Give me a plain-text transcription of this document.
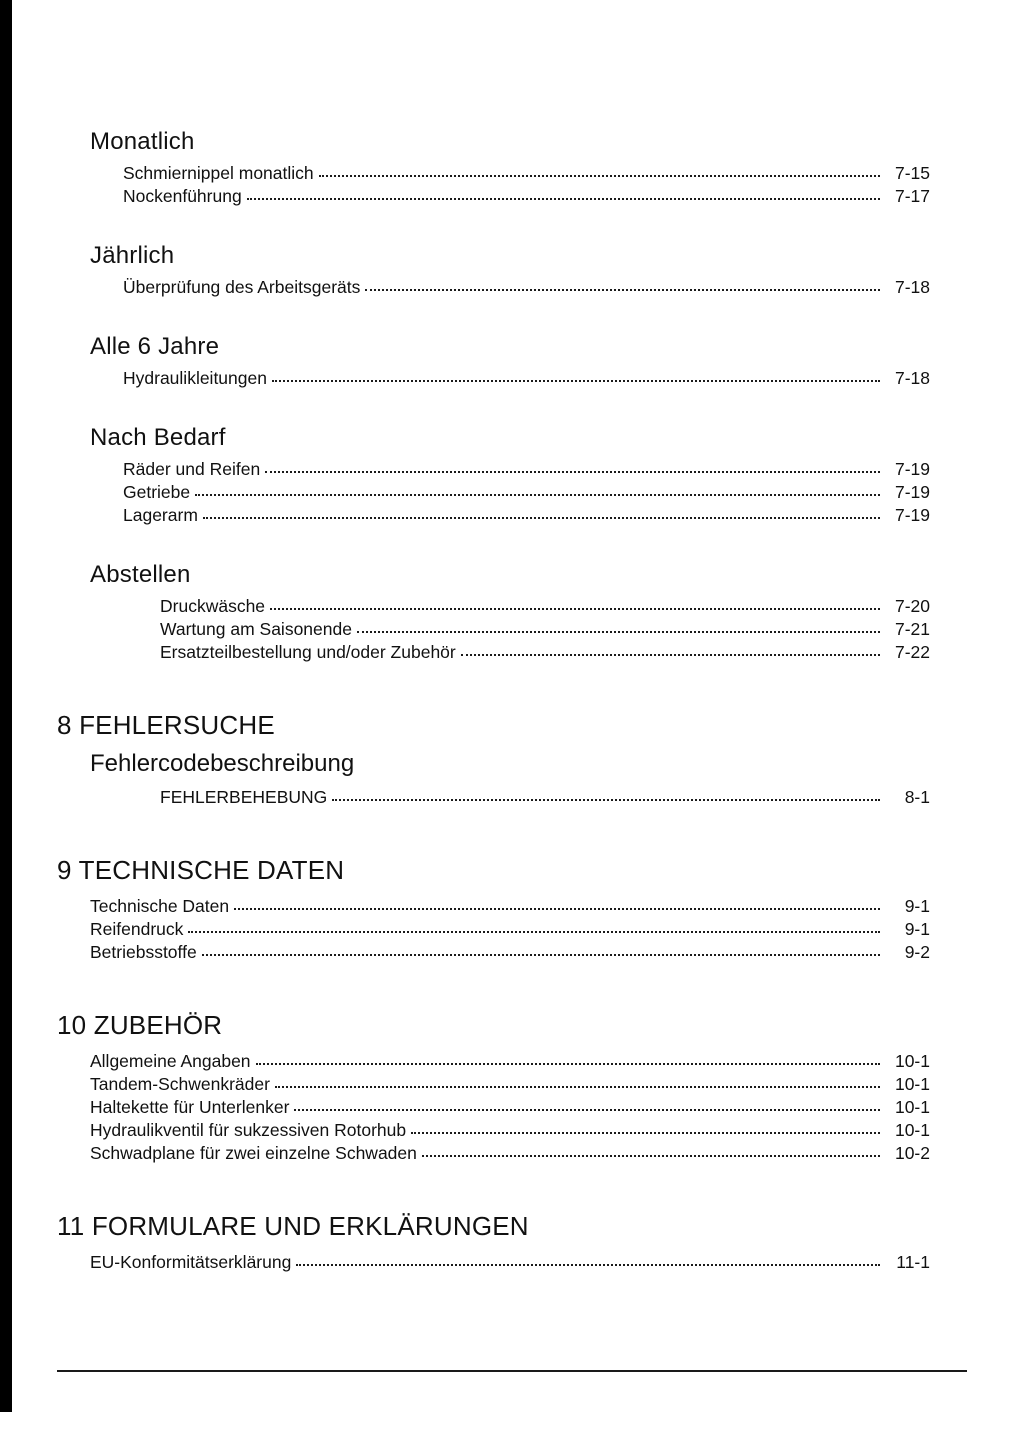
Monatlich
Schmiernippel monatlich	7-15
Nockenführung	7-17
Jährlich
Überprüfung des Arbeitsgeräts	7-18
Alle 6 Jahre
Hydraulikleitungen	7-18
Nach Bedarf
Räder und Reifen	7-19
Getriebe	7-19
Lagerarm	7-19
Abstellen
Druckwäsche	7-20
Wartung am Saisonende	7-21
Ersatzteilbestellung und/oder Zubehör	7-22
8 FEHLERSUCHE
Fehlercodebeschreibung
FEHLERBEHEBUNG	8-1
9 TECHNISCHE DATEN
Technische Daten	9-1
Reifendruck	9-1
Betriebsstoffe	9-2
10 ZUBEHÖR
Allgemeine Angaben	10-1
Tandem-Schwenkräder	10-1
Haltekette für Unterlenker	10-1
Hydraulikventil für sukzessiven Rotorhub	10-1
Schwadplane für zwei einzelne Schwaden	10-2
11 FORMULARE UND ERKLÄRUNGEN
EU-Konformitätserklärung	11-1
